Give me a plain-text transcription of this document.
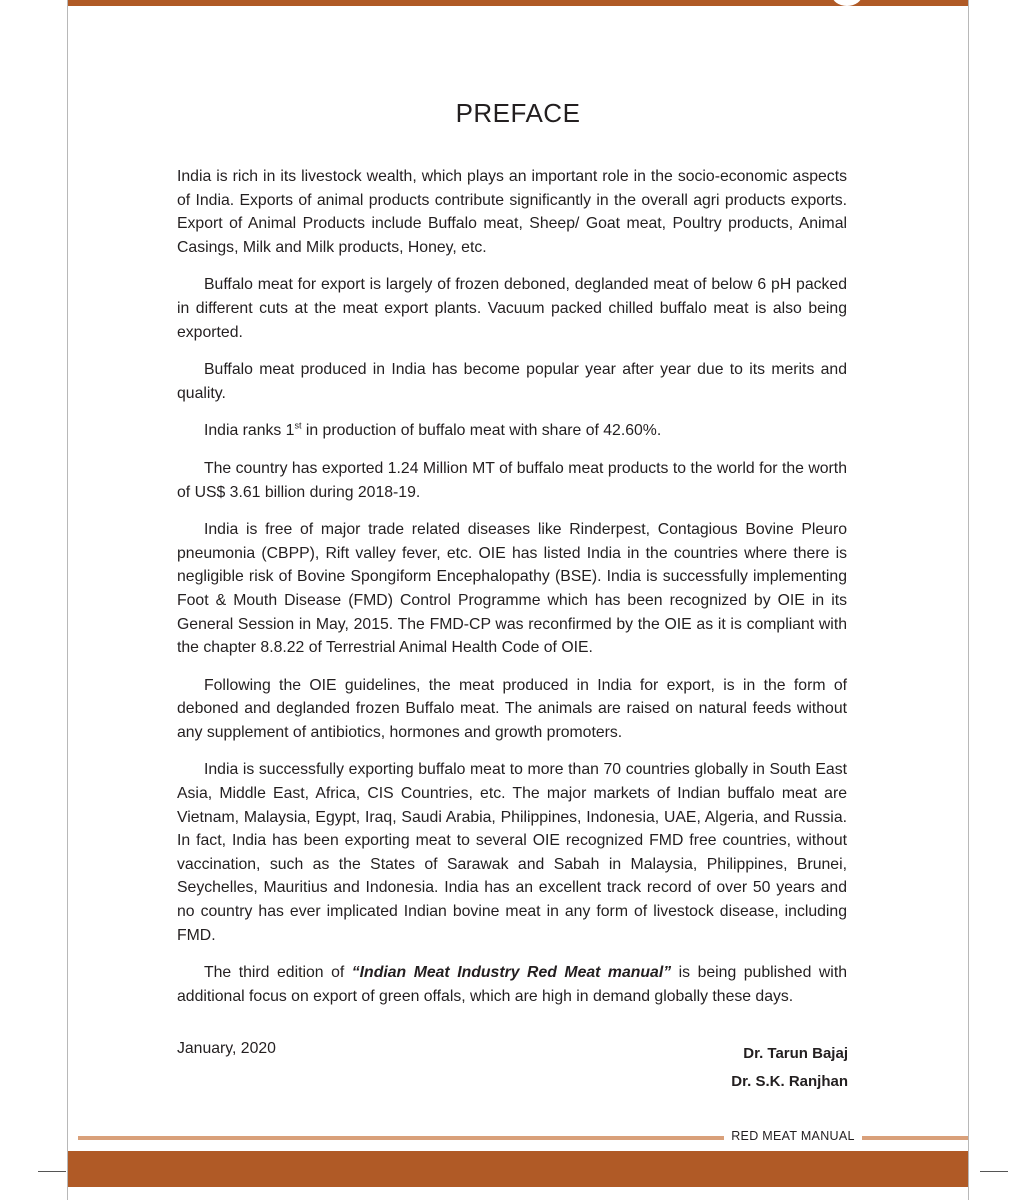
PREFACE

India is rich in its livestock wealth, which plays an important role in the socio-economic aspects of India. Exports of animal products contribute significantly in the overall agri products exports. Export of Animal Products include Buffalo meat, Sheep/ Goat meat, Poultry products, Animal Casings, Milk and Milk products, Honey, etc.

Buffalo meat for export is largely of frozen deboned, deglanded meat of below 6 pH packed in different cuts at the meat export plants. Vacuum packed chilled buffalo meat is also being exported.

Buffalo meat produced in India has become popular year after year due to its merits and quality.

India ranks 1st in production of buffalo meat with share of 42.60%.

The country has exported 1.24 Million MT of buffalo meat products to the world for the worth of US$ 3.61 billion during 2018-19.

India is free of major trade related diseases like Rinderpest, Contagious Bovine Pleuro pneumonia (CBPP), Rift valley fever, etc. OIE has listed India in the countries where there is negligible risk of Bovine Spongiform Encephalopathy (BSE). India is successfully implementing Foot & Mouth Disease (FMD) Control Programme which has been recognized by OIE in its General Session in May, 2015. The FMD-CP was reconfirmed by the OIE as it is compliant with the chapter 8.8.22 of Terrestrial Animal Health Code of OIE.

Following the OIE guidelines, the meat produced in India for export, is in the form of deboned and deglanded frozen Buffalo meat. The animals are raised on natural feeds without any supplement of antibiotics, hormones and growth promoters.

India is successfully exporting buffalo meat to more than 70 countries globally in South East Asia, Middle East, Africa, CIS Countries, etc. The major markets of Indian buffalo meat are Vietnam, Malaysia, Egypt, Iraq, Saudi Arabia, Philippines, Indonesia, UAE, Algeria, and Russia. In fact, India has been exporting meat to several OIE recognized FMD free countries, without vaccination, such as the States of Sarawak and Sabah in Malaysia, Philippines, Brunei, Seychelles, Mauritius and Indonesia. India has an excellent track record of over 50 years and no country has ever implicated Indian bovine meat in any form of livestock disease, including FMD.

The third edition of “Indian Meat Industry Red Meat manual” is being published with additional focus on export of green offals, which are high in demand globally these days.

January, 2020	Dr. Tarun Bajaj
Dr. S.K. Ranjhan
RED MEAT MANUAL
